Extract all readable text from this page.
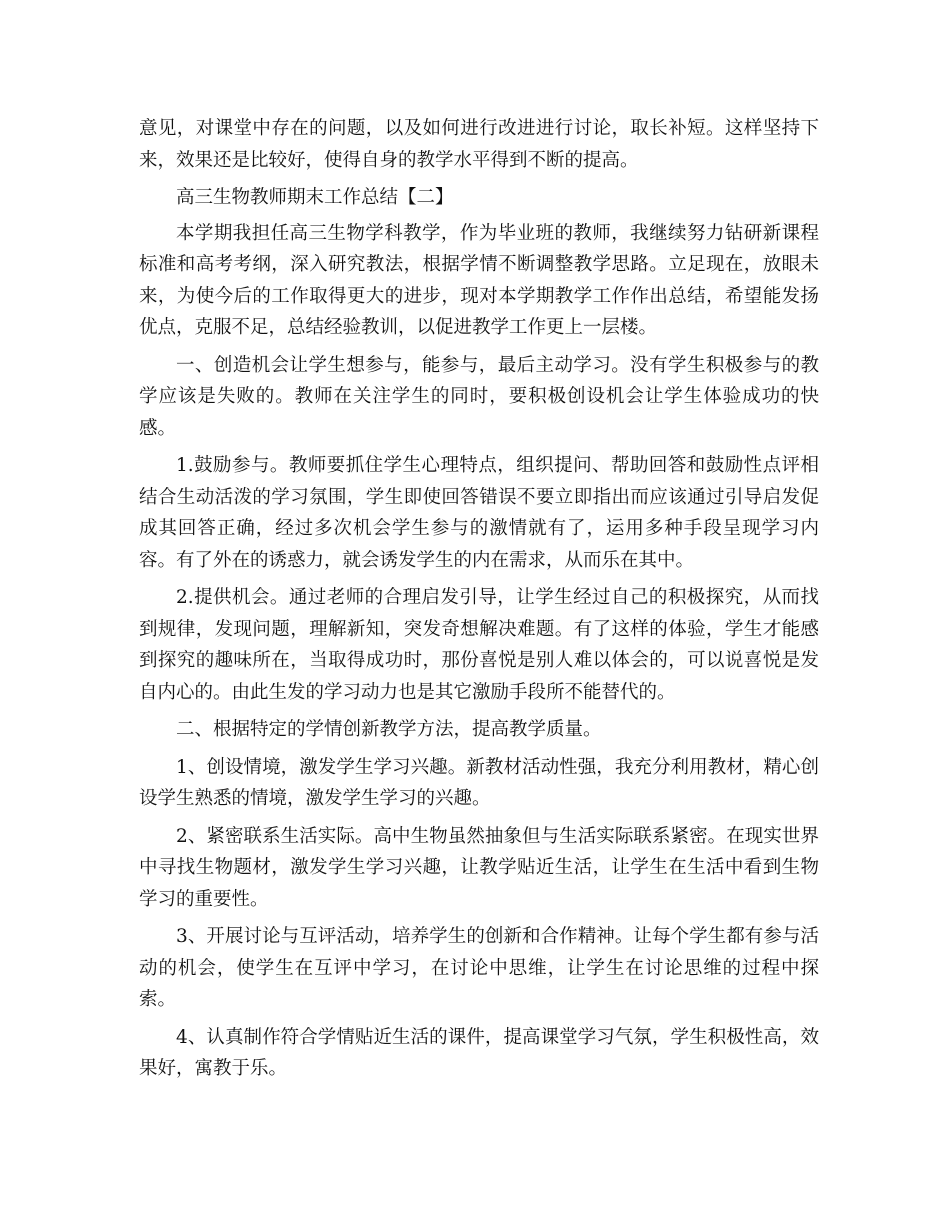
意见，对课堂中存在的问题，以及如何进行改进进行讨论，取长补短。这样坚持下来，效果还是比较好，使得自身的教学水平得到不断的提高。

高三生物教师期末工作总结【二】

本学期我担任高三生物学科教学，作为毕业班的教师，我继续努力钻研新课程标准和高考考纲，深入研究教法，根据学情不断调整教学思路。立足现在，放眼未来，为使今后的工作取得更大的进步，现对本学期教学工作作出总结，希望能发扬优点，克服不足，总结经验教训，以促进教学工作更上一层楼。

一、创造机会让学生想参与，能参与，最后主动学习。没有学生积极参与的教学应该是失败的。教师在关注学生的同时，要积极创设机会让学生体验成功的快感。

1.鼓励参与。教师要抓住学生心理特点，组织提问、帮助回答和鼓励性点评相结合生动活泼的学习氛围，学生即使回答错误不要立即指出而应该通过引导启发促成其回答正确，经过多次机会学生参与的激情就有了，运用多种手段呈现学习内容。有了外在的诱惑力，就会诱发学生的内在需求，从而乐在其中。

2.提供机会。通过老师的合理启发引导，让学生经过自己的积极探究，从而找到规律，发现问题，理解新知，突发奇想解决难题。有了这样的体验，学生才能感到探究的趣味所在，当取得成功时，那份喜悦是别人难以体会的，可以说喜悦是发自内心的。由此生发的学习动力也是其它激励手段所不能替代的。

二、根据特定的学情创新教学方法，提高教学质量。

1、创设情境，激发学生学习兴趣。新教材活动性强，我充分利用教材，精心创设学生熟悉的情境，激发学生学习的兴趣。

2、紧密联系生活实际。高中生物虽然抽象但与生活实际联系紧密。在现实世界中寻找生物题材，激发学生学习兴趣，让教学贴近生活，让学生在生活中看到生物学习的重要性。

3、开展讨论与互评活动，培养学生的创新和合作精神。让每个学生都有参与活动的机会，使学生在互评中学习，在讨论中思维，让学生在讨论思维的过程中探索。

4、认真制作符合学情贴近生活的课件，提高课堂学习气氛，学生积极性高，效果好，寓教于乐。
